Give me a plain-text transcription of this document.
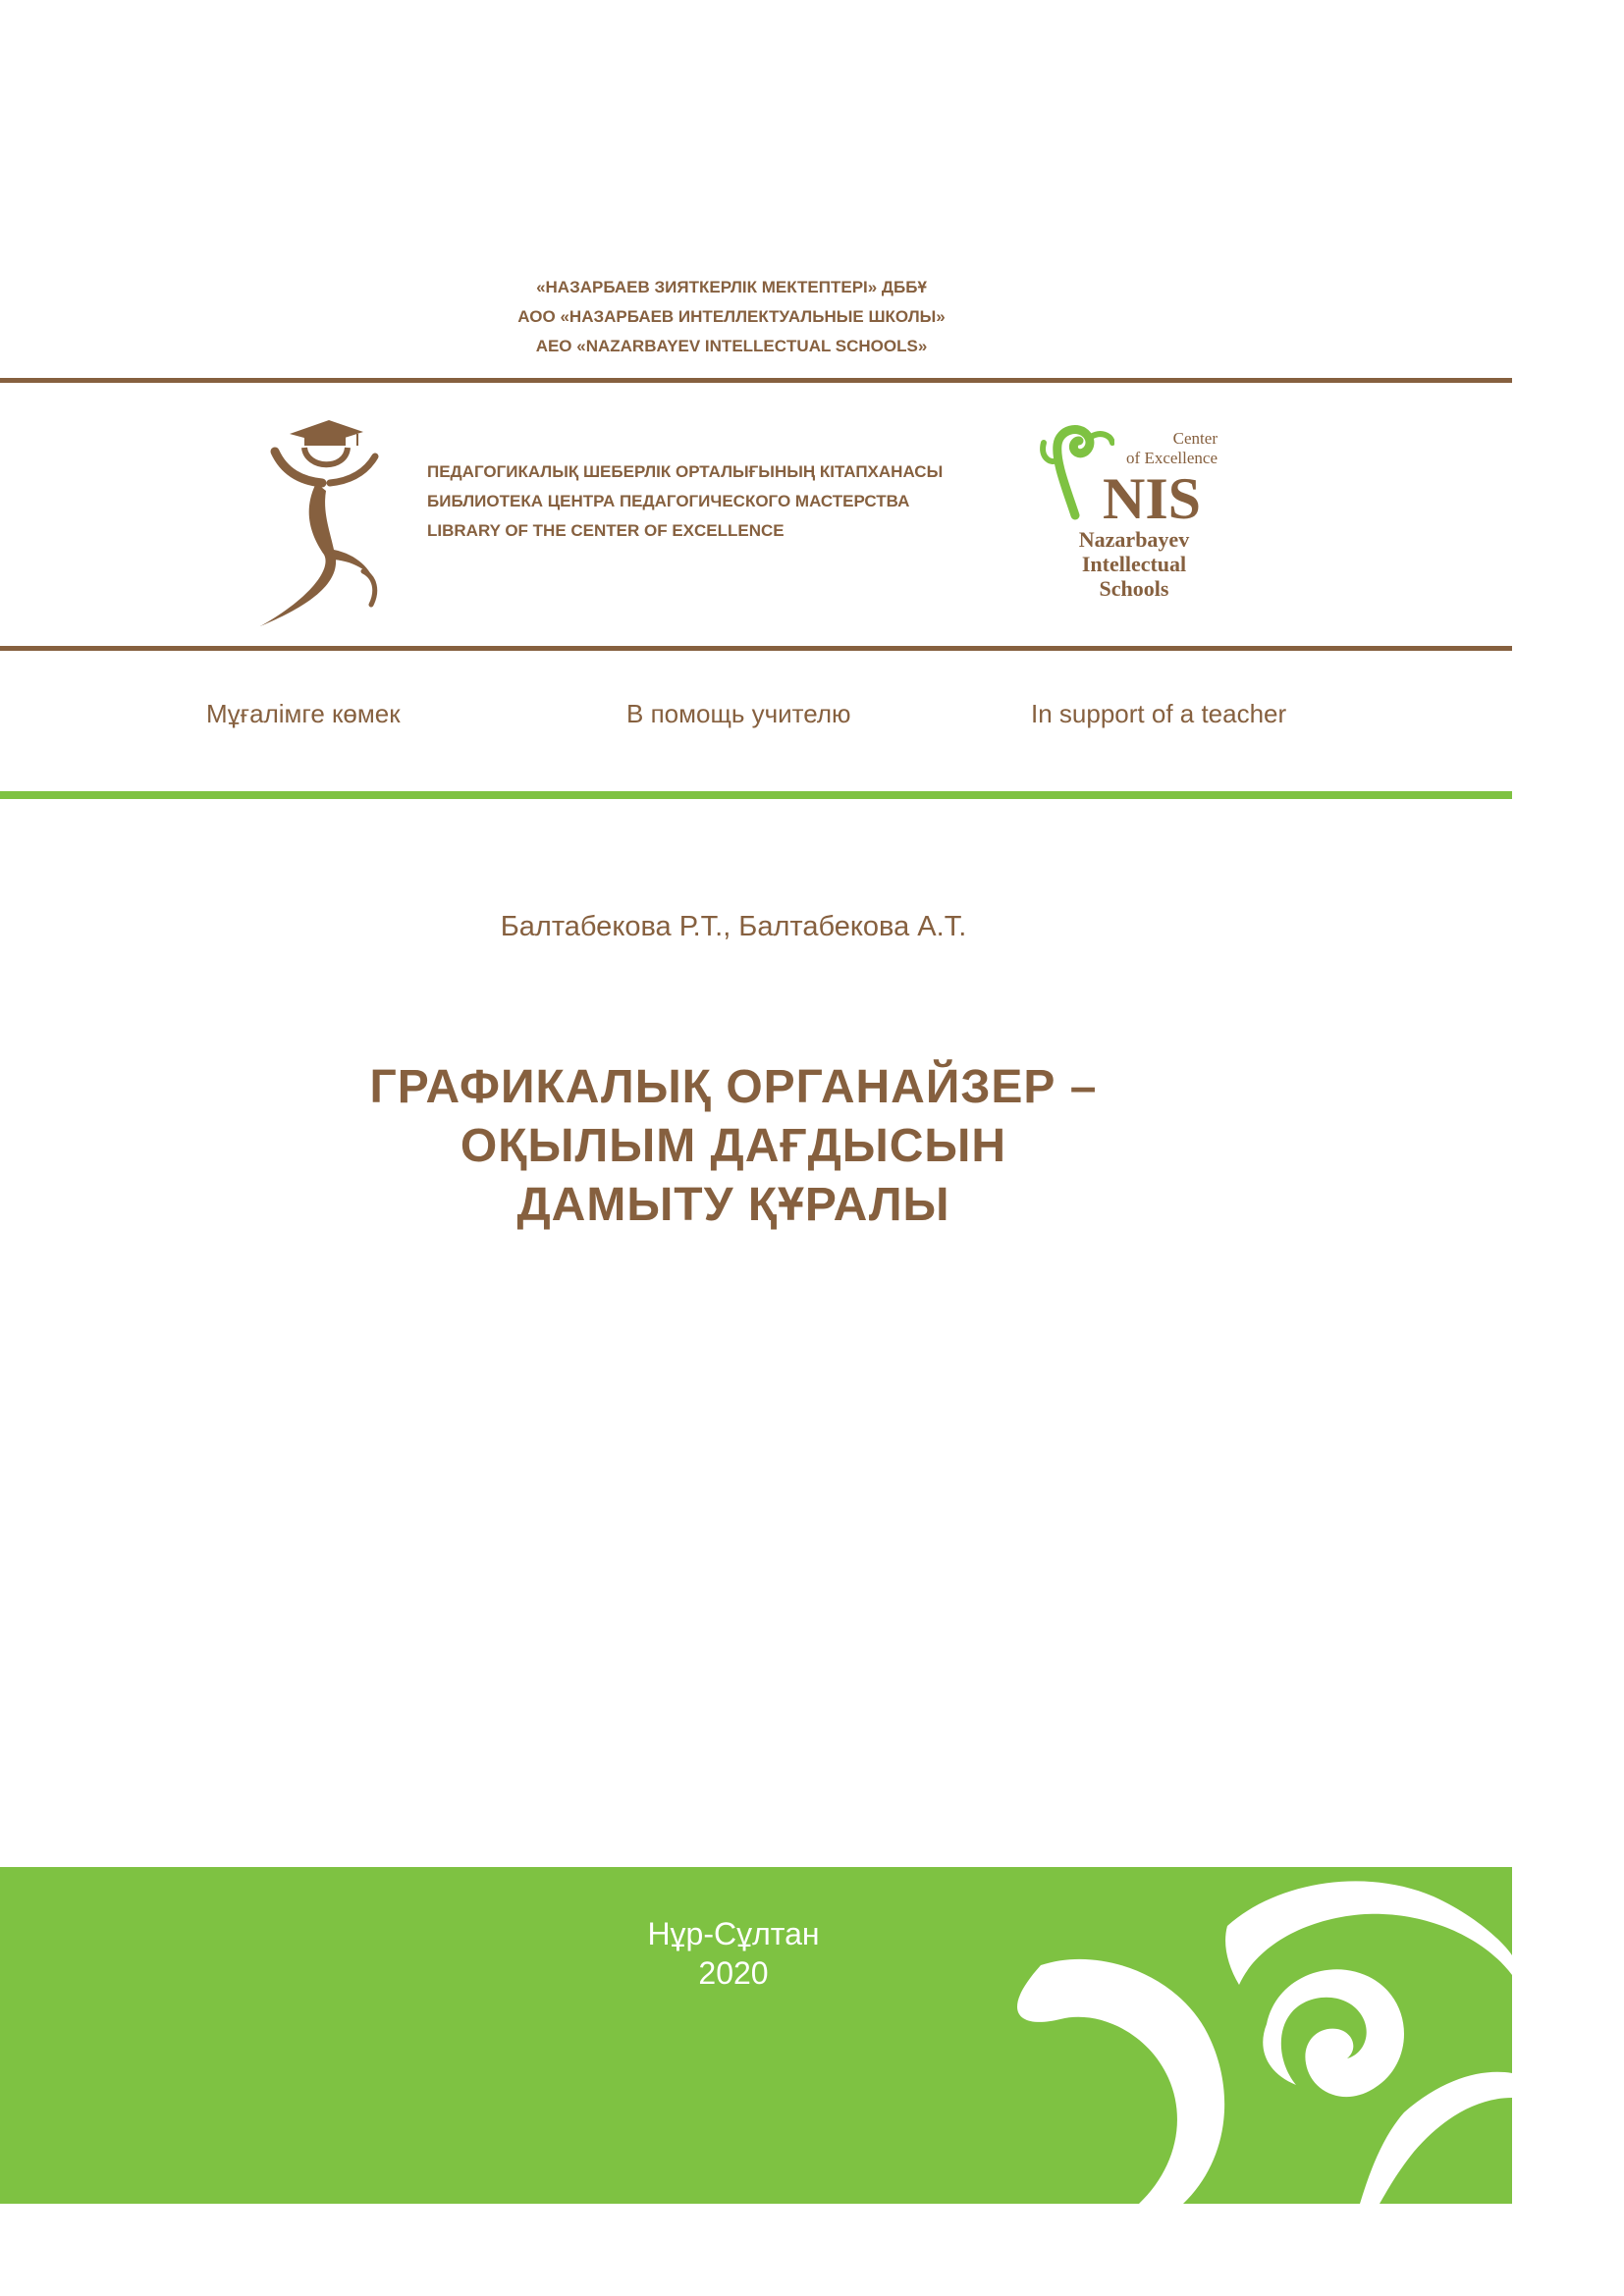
«НАЗАРБАЕВ ЗИЯТКЕРЛІК МЕКТЕПТЕРІ» ДББҰ
АОО «НАЗАРБАЕВ ИНТЕЛЛЕКТУАЛЬНЫЕ ШКОЛЫ»
AEO «NAZARBAYEV INTELLECTUAL SCHOOLS»
ПЕДАГОГИКАЛЫҚ ШЕБЕРЛІК ОРТАЛЫҒЫНЫҢ КІТАПХАНАСЫ
БИБЛИОТЕКА ЦЕНТРА ПЕДАГОГИЧЕСКОГО МАСТЕРСТВА
LIBRARY OF THE CENTER OF EXCELLENCE
Center
of Excellence
NIS
Nazarbayev
Intellectual
Schools
Мұғалімге көмек	В помощь учителю	In support of a teacher
Балтабекова Р.Т., Балтабекова А.Т.
ГРАФИКАЛЫҚ ОРГАНАЙЗЕР –
ОҚЫЛЫМ ДАҒДЫСЫН
ДАМЫТУ ҚҰРАЛЫ
Нұр-Сұлтан
2020
